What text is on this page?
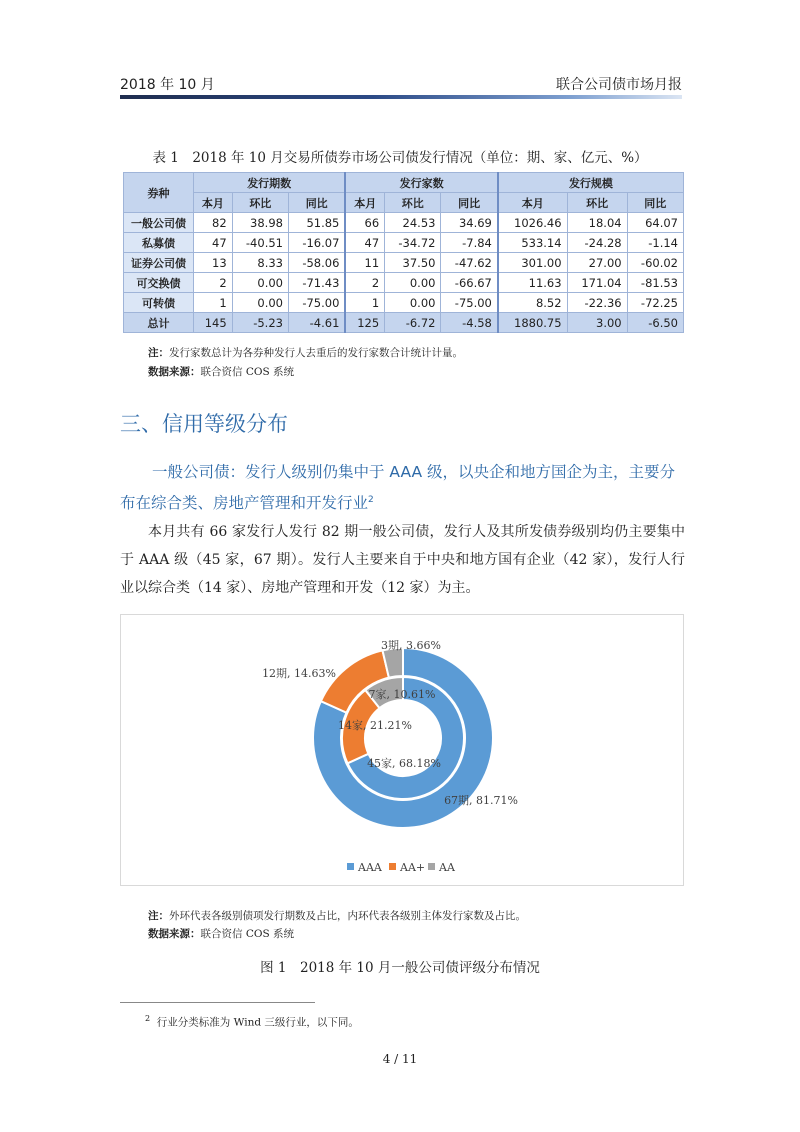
2018 年 10 月	联合公司债市场月报
表 1　2018 年 10 月交易所债券市场公司债发行情况（单位：期、家、亿元、%）
券种	发行期数			发行家数			发行规模		
	本月	环比	同比	本月	环比	同比	本月	环比	同比
一般公司债	82	38.98	51.85	66	24.53	34.69	1026.46	18.04	64.07
私募债	47	-40.51	-16.07	47	-34.72	-7.84	533.14	-24.28	-1.14
证券公司债	13	8.33	-58.06	11	37.50	-47.62	301.00	27.00	-60.02
可交换债	2	0.00	-71.43	2	0.00	-66.67	11.63	171.04	-81.53
可转债	1	0.00	-75.00	1	0.00	-75.00	8.52	-22.36	-72.25
总计	145	-5.23	-4.61	125	-6.72	-4.58	1880.75	3.00	-6.50
注：发行家数总计为各券种发行人去重后的发行家数合计统计计量。
数据来源：联合资信 COS 系统
三、信用等级分布
一般公司债：发行人级别仍集中于 AAA 级，以央企和地方国企为主，主要分布在综合类、房地产管理和开发行业$^2$
本月共有 66 家发行人发行 82 期一般公司债，发行人及其所发债券级别均仍主要集中于 AAA 级（45 家，67 期）。发行人主要来自于中央和地方国有企业（42 家），发行人行业以综合类（14 家）、房地产管理和开发（12 家）为主。
67期, 81.71%
12期, 14.63%
3期, 3.66%
45家, 68.18%
14家, 21.21%
7家, 10.61%
AAA AA+ AA
注：外环代表各级别债项发行期数及占比，内环代表各级别主体发行家数及占比。
数据来源：联合资信 COS 系统
图 1　2018 年 10 月一般公司债评级分布情况
$^2$ 行业分类标准为 Wind 三级行业，以下同。
4 / 11
